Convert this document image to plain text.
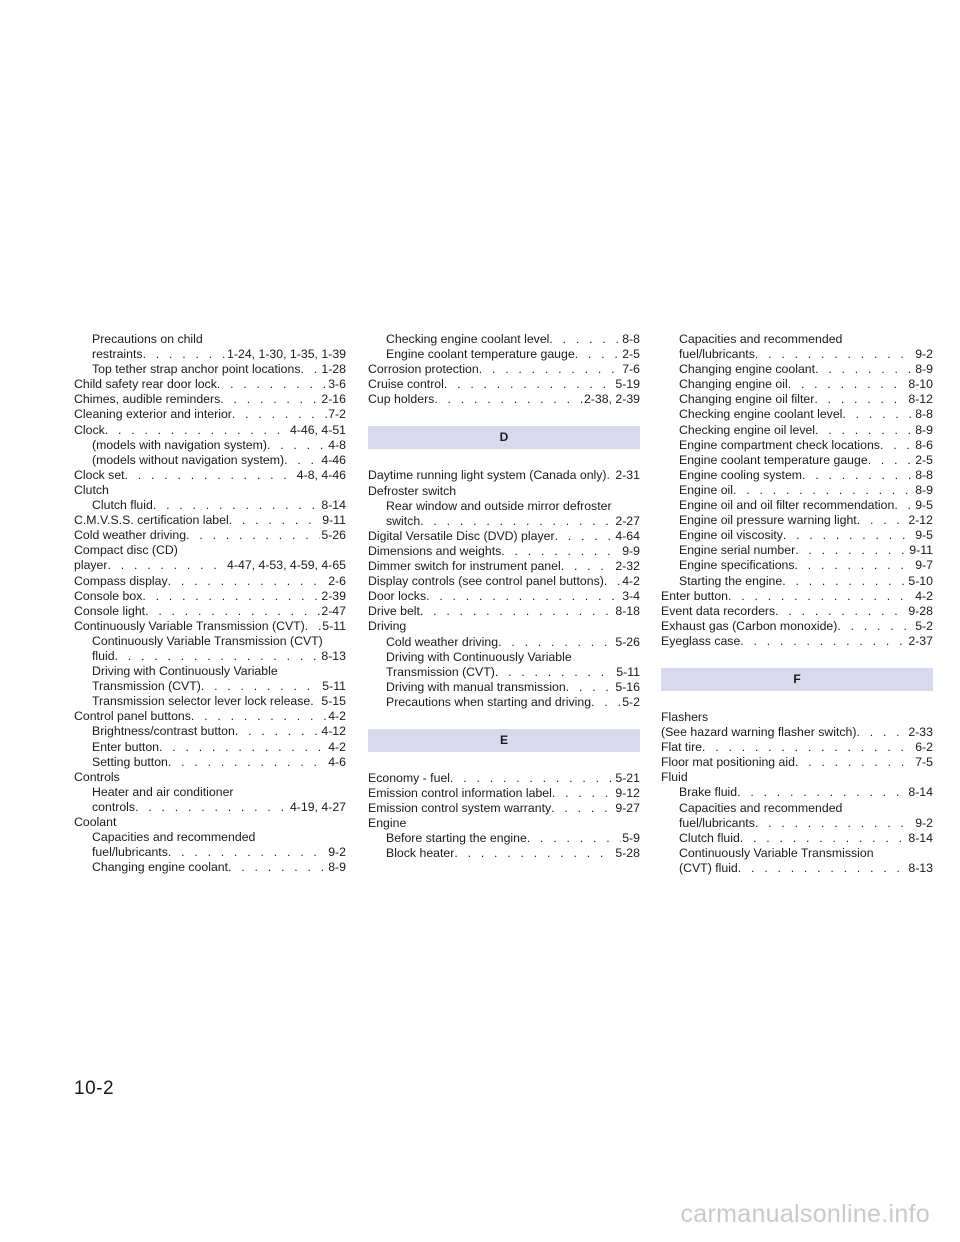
Precautions on child
restraints . . .	1-24, 1-30, 1-35, 1-39
Top tether strap anchor point locations . . . 1-28
Child safety rear door lock . . .	3-6
Chimes, audible reminders . . .	2-16
Cleaning exterior and interior . . .	7-2
Clock . . .	4-46, 4-51
(models with navigation system) . . .	4-8
(models without navigation system) . . .	4-46
Clock set . . .	4-8, 4-46
Clutch
Clutch fluid . . .	8-14
C.M.V.S.S. certification label . . .	9-11
Cold weather driving . . .	5-26
Compact disc (CD)
player . . .	4-47, 4-53, 4-59, 4-65
Compass display . . .	2-6
Console box . . .	2-39
Console light . . .	2-47
Continuously Variable Transmission (CVT) . . . 5-11
Continuously Variable Transmission (CVT)
fluid . . .	8-13
Driving with Continuously Variable
Transmission (CVT) . . .	5-11
Transmission selector lever lock release . . . 5-15
Control panel buttons . . .	4-2
Brightness/contrast button . . .	4-12
Enter button . . .	4-2
Setting button . . .	4-6
Controls
Heater and air conditioner
controls . . .	4-19, 4-27
Coolant
Capacities and recommended
fuel/lubricants . . .	9-2
Changing engine coolant . . .	8-9
Checking engine coolant level . . .	8-8
Engine coolant temperature gauge . . .	2-5
Corrosion protection . . .	7-6
Cruise control . . .	5-19
Cup holders . . .	2-38, 2-39
D
Daytime running light system (Canada only) . . . 2-31
Defroster switch
Rear window and outside mirror defroster
switch . . .	2-27
Digital Versatile Disc (DVD) player . . .	4-64
Dimensions and weights . . .	9-9
Dimmer switch for instrument panel . . .	2-32
Display controls (see control panel buttons) . . . 4-2
Door locks . . .	3-4
Drive belt . . .	8-18
Driving
Cold weather driving . . .	5-26
Driving with Continuously Variable
Transmission (CVT) . . .	5-11
Driving with manual transmission . . .	5-16
Precautions when starting and driving . . .	5-2
E
Economy - fuel . . .	5-21
Emission control information label . . .	9-12
Emission control system warranty . . .	9-27
Engine
Before starting the engine . . .	5-9
Block heater . . .	5-28
Capacities and recommended
fuel/lubricants . . .	9-2
Changing engine coolant . . .	8-9
Changing engine oil . . .	8-10
Changing engine oil filter . . .	8-12
Checking engine coolant level . . .	8-8
Checking engine oil level . . .	8-9
Engine compartment check locations . . .	8-6
Engine coolant temperature gauge . . .	2-5
Engine cooling system . . .	8-8
Engine oil . . .	8-9
Engine oil and oil filter recommendation . . . 9-5
Engine oil pressure warning light . . .	2-12
Engine oil viscosity . . .	9-5
Engine serial number . . .	9-11
Engine specifications . . .	9-7
Starting the engine . . .	5-10
Enter button . . .	4-2
Event data recorders . . .	9-28
Exhaust gas (Carbon monoxide) . . .	5-2
Eyeglass case . . .	2-37
F
Flashers
(See hazard warning flasher switch) . . .	2-33
Flat tire . . .	6-2
Floor mat positioning aid . . .	7-5
Fluid
Brake fluid . . .	8-14
Capacities and recommended
fuel/lubricants . . .	9-2
Clutch fluid . . .	8-14
Continuously Variable Transmission
(CVT) fluid . . .	8-13
10-2
carmanualsonline.info
